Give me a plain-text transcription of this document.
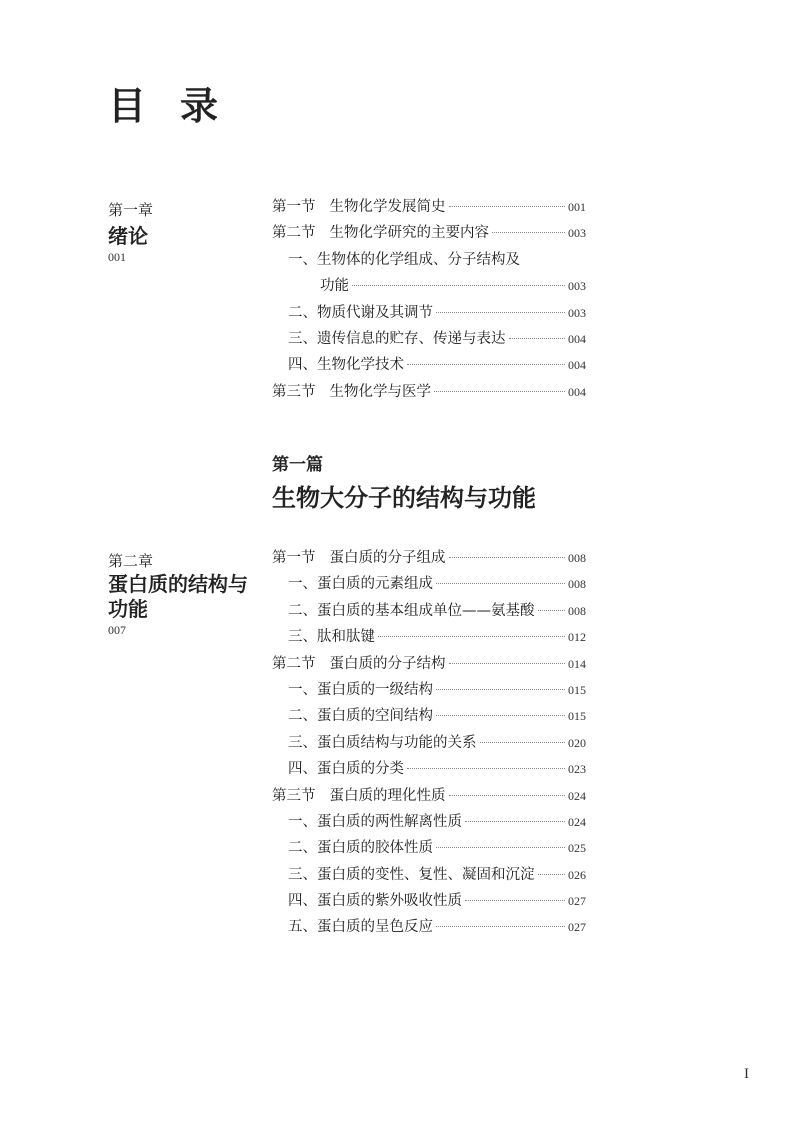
目 录
第一章
绪论
001
第一节 生物化学发展简史	001
第二节 生物化学研究的主要内容	003
一、生物体的化学组成、分子结构及
功能	003
二、物质代谢及其调节	003
三、遗传信息的贮存、传递与表达	004
四、生物化学技术	004
第三节 生物化学与医学	004
第一篇
生物大分子的结构与功能
第二章
蛋白质的结构与
功能
007
第一节 蛋白质的分子组成	008
一、蛋白质的元素组成	008
二、蛋白质的基本组成单位——氨基酸	008
三、肽和肽键	012
第二节 蛋白质的分子结构	014
一、蛋白质的一级结构	015
二、蛋白质的空间结构	015
三、蛋白质结构与功能的关系	020
四、蛋白质的分类	023
第三节 蛋白质的理化性质	024
一、蛋白质的两性解离性质	024
二、蛋白质的胶体性质	025
三、蛋白质的变性、复性、凝固和沉淀	026
四、蛋白质的紫外吸收性质	027
五、蛋白质的呈色反应	027
I
